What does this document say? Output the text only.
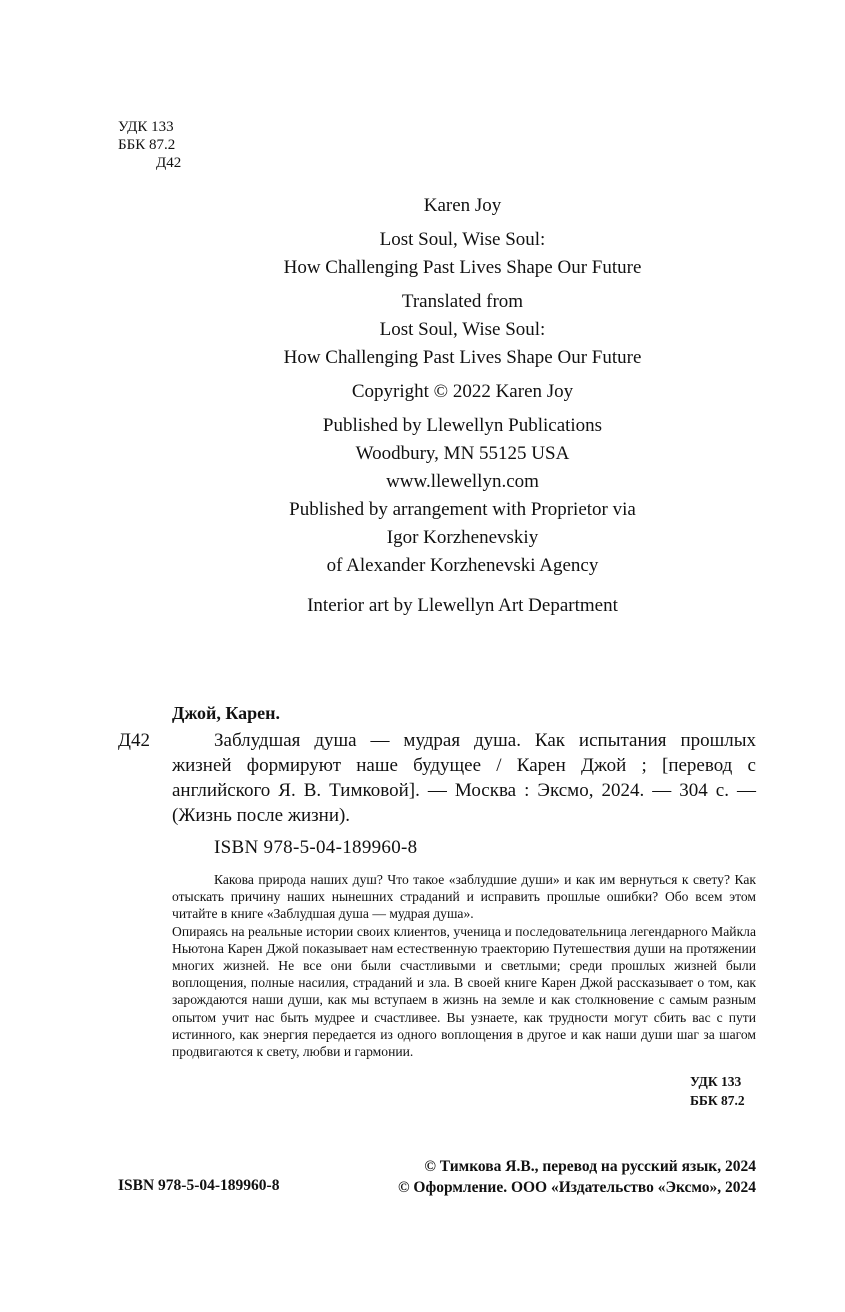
УДК 133
ББК 87.2
Д42
Karen Joy
Lost Soul, Wise Soul:
How Challenging Past Lives Shape Our Future
Translated from
Lost Soul, Wise Soul:
How Challenging Past Lives Shape Our Future
Copyright © 2022 Karen Joy
Published by Llewellyn Publications
Woodbury, MN 55125 USA
www.llewellyn.com
Published by arrangement with Proprietor via
Igor Korzhenevskiy
of Alexander Korzhenevski Agency
Interior art by Llewellyn Art Department
Джой, Карен.
Д42	Заблудшая душа — мудрая душа. Как испытания прошлых жизней формируют наше будущее / Карен Джой ; [перевод с английского Я. В. Тимковой]. — Москва : Эксмо, 2024. — 304 с. — (Жизнь после жизни).

ISBN 978-5-04-189960-8

Какова природа наших душ? Что такое «заблудшие души» и как им вернуться к свету? Как отыскать причину наших нынешних страданий и исправить прошлые ошибки? Обо всем этом читайте в книге «Заблудшая душа — мудрая душа».

Опираясь на реальные истории своих клиентов, ученица и последовательница легендарного Майкла Ньютона Карен Джой показывает нам естественную траекторию Путешествия души на протяжении многих жизней. Не все они были счастливыми и светлыми; среди прошлых жизней были воплощения, полные насилия, страданий и зла. В своей книге Карен Джой рассказывает о том, как зарождаются наши души, как мы вступаем в жизнь на земле и как столкновение с самым разным опытом учит нас быть мудрее и счастливее. Вы узнаете, как трудности могут сбить вас с пути истинного, как энергия передается из одного воплощения в другое и как наши души шаг за шагом продвигаются к свету, любви и гармонии.

УДК 133
ББК 87.2
ISBN 978-5-04-189960-8
© Тимкова Я.В., перевод на русский язык, 2024
© Оформление. ООО «Издательство «Эксмо», 2024
